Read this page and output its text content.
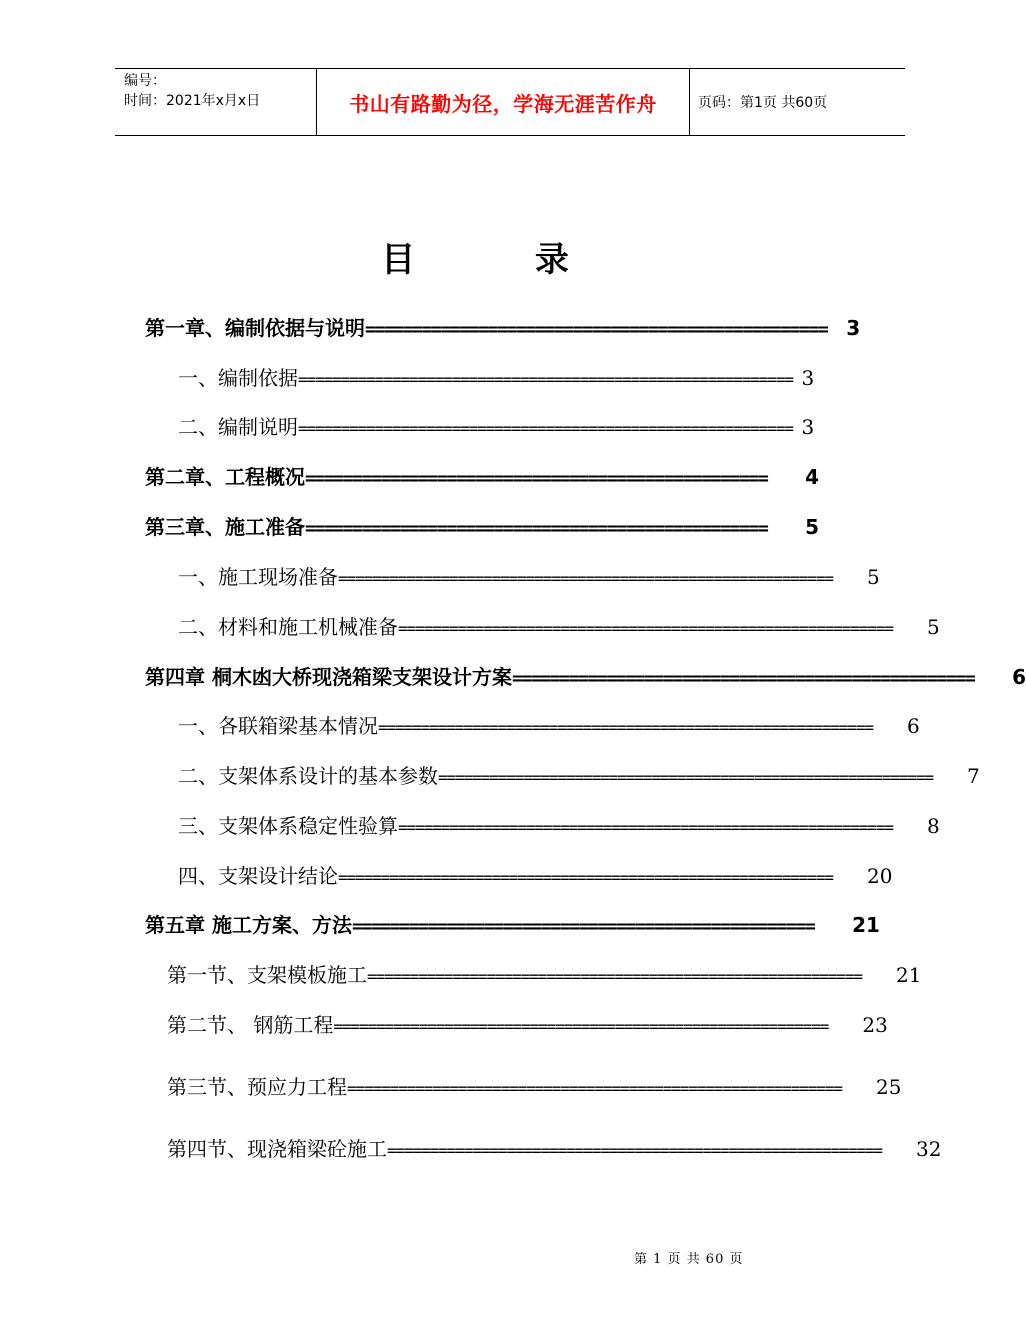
编号：
时间：2021年x月x日	书山有路勤为径，学海无涯苦作舟	页码：第1页 共60页
目 录
第一章、编制依据与说明 ================================================= 3
一、编制依据 ========================================================== 3
二、编制说明 ========================================================== 3
第二章、工程概况 ================================================= 4
第三章、施工准备 ================================================= 5
一、施工现场准备 ========================================================== 5
二、材料和施工机械准备 ========================================================== 5
第四章 桐木凼大桥现浇箱梁支架设计方案 ================================================= 6
一、各联箱梁基本情况 ========================================================== 6
二、支架体系设计的基本参数 ========================================================== 7
三、支架体系稳定性验算 ========================================================== 8
四、支架设计结论 ========================================================== 20
第五章 施工方案、方法 ================================================= 21
第一节、支架模板施工 ========================================================== 21
第二节、 钢筋工程 ========================================================== 23
第三节、预应力工程 ========================================================== 25
第四节、现浇箱梁砼施工 ========================================================== 32
第 1 页 共 60 页
